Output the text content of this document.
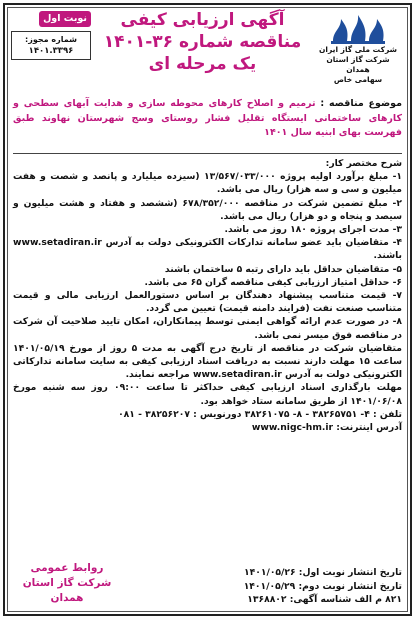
شرکت ملی گاز ایران
شرکت گاز استان همدان
سهامی خاص
آگهی ارزیابی کیفی
مناقصه شماره ۳۶-۱۴۰۱
یک مرحله ای
نوبت اول
شماره مجوز:
۱۴۰۱.۳۳۹۶
موضوع مناقصه : ترمیم و اصلاح کارهای محوطه سازی و هدایت آبهای سطحی و کارهای ساختمانی ایستگاه تقلیل فشار روستای وسج شهرستان نهاوند طبق فهرست بهای ابنیه سال ۱۴۰۱

شرح مختصر کار:

۱- مبلغ برآورد اولیه پروژه ۱۳/۵۶۷/۰۳۳/۰۰۰ (سیزده میلیارد و پانصد و شصت و هفت میلیون و سی و سه هزار) ریال می باشد.

۲- مبلغ تضمین شرکت در مناقصه ۶۷۸/۳۵۲/۰۰۰ (ششصد و هفتاد و هشت میلیون و سیصد و پنجاه و دو هزار) ریال می باشد.

۳- مدت اجرای پروژه ۱۸۰ روز می باشد.

۴- متقاضیان باید عضو سامانه تدارکات الکترونیکی دولت به آدرس www.setadiran.ir باشند.

۵- متقاضیان حداقل باید دارای رتبه ۵ ساختمان باشند

۶- حداقل امتیاز ارزیابی کیفی مناقصه گران ۶۵ می باشد.

۷- قیمت متناسب پیشنهاد دهندگان بر اساس دستورالعمل ارزیابی مالی و قیمت متناسب صنعت نفت (فرایند دامنه قیمت) تعیین می گردد.

۸- در صورت عدم ارائه گواهی ایمنی توسط پیمانکاران، امکان تایید صلاحیت آن شرکت در مناقصه فوق میسر نمی باشد.

متقاضیان شرکت در مناقصه از تاریخ درج آگهی به مدت ۵ روز از مورخ ۱۴۰۱/۰۵/۱۹ ساعت ۱۵ مهلت دارند نسبت به دریافت اسناد ارزیابی کیفی به سایت سامانه تدارکاتی الکترونیکی دولت به آدرس www.setadiran.ir مراجعه نمایند.

مهلت بارگذاری اسناد ارزیابی کیفی حداکثر تا ساعت ۰۹:۰۰ روز سه شنبه مورخ ۱۴۰۱/۰۶/۰۸ از طریق سامانه ستاد خواهد بود.

تلفن : ۴- ۳۸۲۶۵۷۵۱ - ۸- ۳۸۲۶۱۰۷۵ دورنویس : ۳۸۲۵۶۲۰۷ - ۰۸۱

آدرس اینترنت: www.nigc-hm.ir

تاریخ انتشار نوبت اول: ۱۴۰۱/۰۵/۲۶

تاریخ انتشار نوبت دوم: ۱۴۰۱/۰۵/۲۹

۸۲۱ م الف شناسه آگهی: ۱۳۶۸۸۰۲

روابط عمومی
شرکت گاز استان همدان
